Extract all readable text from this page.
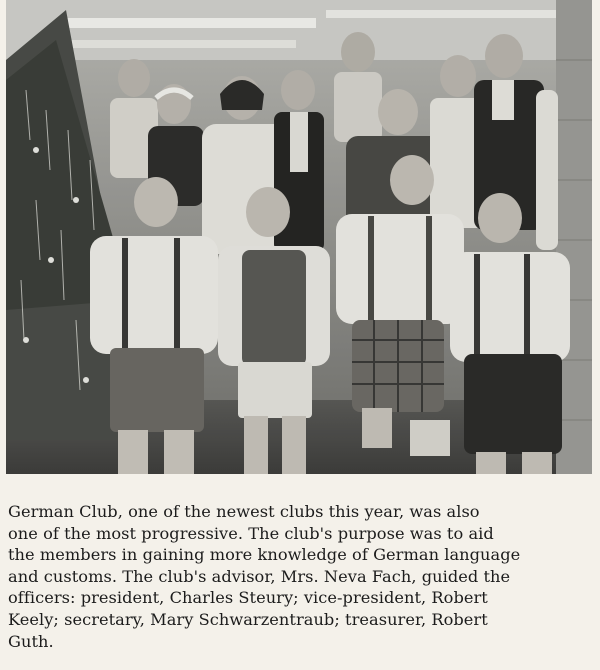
German Club, one of the newest clubs this year, was also
one of the most progressive. The club's purpose was to aid
the members in gaining more knowledge of German language
and customs. The club's advisor, Mrs. Neva Fach, guided the
officers: president, Charles Steury; vice-president, Robert
Keely; secretary, Mary Schwarzentraub; treasurer, Robert
Guth.
